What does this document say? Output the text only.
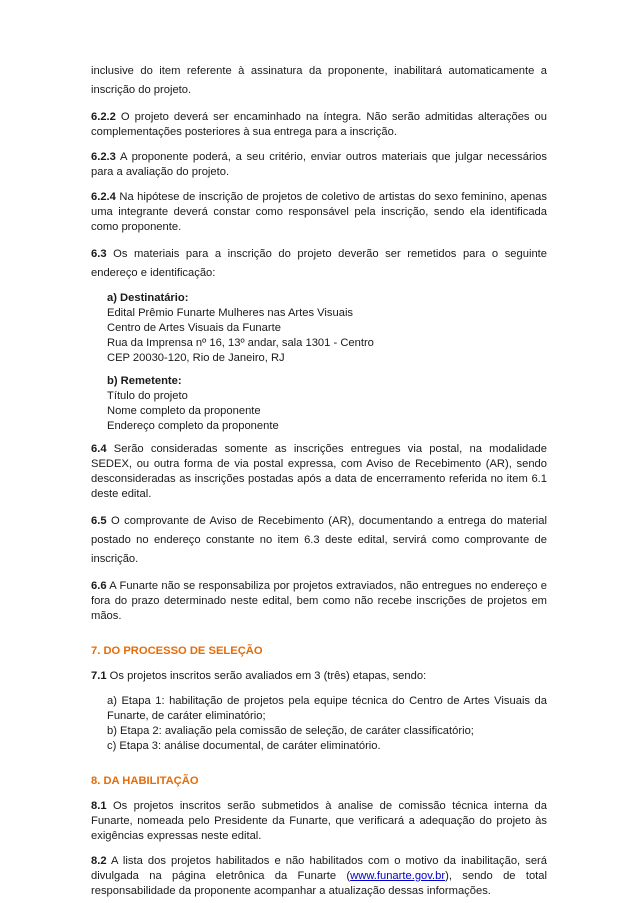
inclusive do item referente à assinatura da proponente, inabilitará automaticamente a inscrição do projeto.

6.2.2 O projeto deverá ser encaminhado na íntegra. Não serão admitidas alterações ou complementações posteriores à sua entrega para a inscrição.

6.2.3 A proponente poderá, a seu critério, enviar outros materiais que julgar necessários para a avaliação do projeto.

6.2.4 Na hipótese de inscrição de projetos de coletivo de artistas do sexo feminino, apenas uma integrante deverá constar como responsável pela inscrição, sendo ela identificada como proponente.

6.3 Os materiais para a inscrição do projeto deverão ser remetidos para o seguinte endereço e identificação:

a) Destinatário:
Edital Prêmio Funarte Mulheres nas Artes Visuais
Centro de Artes Visuais da Funarte
Rua da Imprensa nº 16, 13º andar, sala 1301 - Centro
CEP 20030-120, Rio de Janeiro, RJ
b) Remetente:
Título do projeto
Nome completo da proponente
Endereço completo da proponente

6.4 Serão consideradas somente as inscrições entregues via postal, na modalidade SEDEX, ou outra forma de via postal expressa, com Aviso de Recebimento (AR), sendo desconsideradas as inscrições postadas após a data de encerramento referida no item 6.1 deste edital.

6.5 O comprovante de Aviso de Recebimento (AR), documentando a entrega do material postado no endereço constante no item 6.3 deste edital, servirá como comprovante de inscrição.

6.6 A Funarte não se responsabiliza por projetos extraviados, não entregues no endereço e fora do prazo determinado neste edital, bem como não recebe inscrições de projetos em mãos.

7. DO PROCESSO DE SELEÇÃO

7.1 Os projetos inscritos serão avaliados em 3 (três) etapas, sendo:

a) Etapa 1: habilitação de projetos pela equipe técnica do Centro de Artes Visuais da Funarte, de caráter eliminatório;

b) Etapa 2: avaliação pela comissão de seleção, de caráter classificatório;

c) Etapa 3: análise documental, de caráter eliminatório.

8. DA HABILITAÇÃO

8.1 Os projetos inscritos serão submetidos à analise de comissão técnica interna da Funarte, nomeada pelo Presidente da Funarte, que verificará a adequação do projeto às exigências expressas neste edital.

8.2 A lista dos projetos habilitados e não habilitados com o motivo da inabilitação, será divulgada na página eletrônica da Funarte (www.funarte.gov.br), sendo de total responsabilidade da proponente acompanhar a atualização dessas informações.
